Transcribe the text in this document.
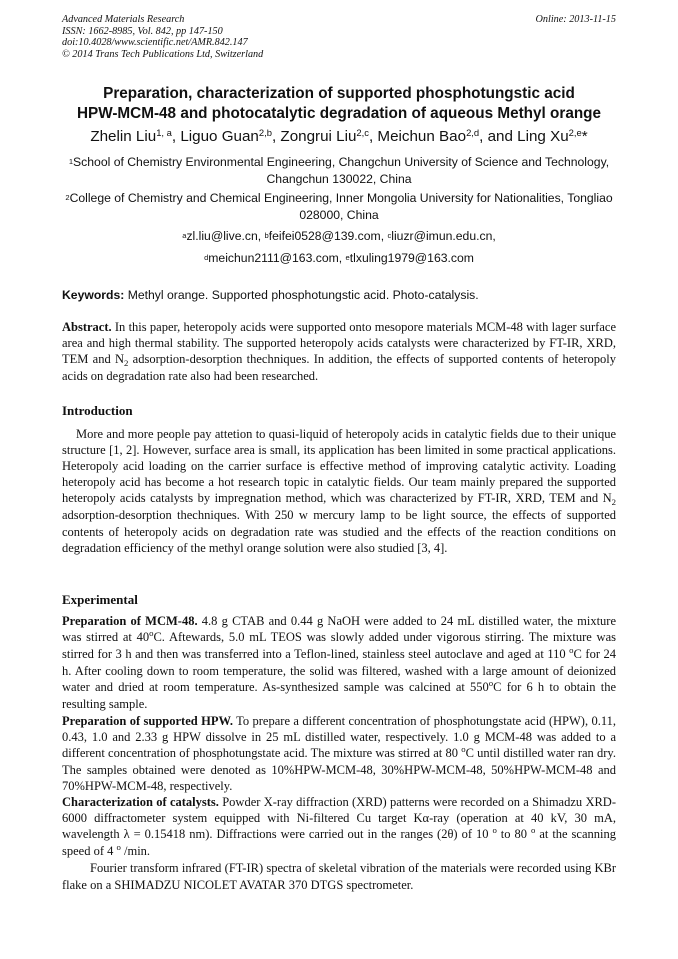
Advanced Materials Research
ISSN: 1662-8985, Vol. 842, pp 147-150
doi:10.4028/www.scientific.net/AMR.842.147
© 2014 Trans Tech Publications Ltd, Switzerland
Online: 2013-11-15
Preparation, characterization of supported phosphotungstic acid
HPW-MCM-48 and photocatalytic degradation of aqueous Methyl orange
Zhelin Liu$^{1, a}$, Liguo Guan$^{2,b}$, Zongrui Liu$^{2,c}$, Meichun Bao$^{2,d}$, and Ling Xu$^{2,e}$*
$^1$School of Chemistry Environmental Engineering, Changchun University of Science and Technology, Changchun 130022, China
$^2$College of Chemistry and Chemical Engineering, Inner Mongolia University for Nationalities, Tongliao 028000, China
$^a$zl.liu@live.cn, $^b$feifei0528@139.com, $^c$liuzr@imun.edu.cn,
$^d$meichun2111@163.com, $^e$tlxuling1979@163.com
Keywords: Methyl orange. Supported phosphotungstic acid. Photo-catalysis.
Abstract. In this paper, heteropoly acids were supported onto mesopore materials MCM-48 with lager surface area and high thermal stability. The supported heteropoly acids catalysts were characterized by FT-IR, XRD, TEM and $N_2$ adsorption-desorption thechniques. In addition, the effects of supported contents of heteropoly acids on degradation rate also had been researched.
Introduction
More and more people pay attetion to quasi-liquid of heteropoly acids in catalytic fields due to their unique structure [1, 2]. However, surface area is small, its application has been limited in some practical applications. Heteropoly acid loading on the carrier surface is effective method of improving catalytic activity. Loading heteropoly acid has become a hot research topic in catalytic fields. Our team mainly prepared the supported heteropoly acids catalysts by impregnation method, which was characterized by FT-IR, XRD, TEM and $N_2$ adsorption-desorption thechniques. With 250 w mercury lamp to be light source, the effects of supported contents of heteropoly acids on degradation rate was studied and the effects of the reaction conditions on degradation efficiency of the methyl orange solution were also studied [3, 4].
Experimental
Preparation of MCM-48. 4.8 g CTAB and 0.44 g NaOH were added to 24 mL distilled water, the mixture was stirred at 40$^o$C. Aftewards, 5.0 mL TEOS was slowly added under vigorous stirring. The mixture was stirred for 3 h and then was transferred into a Teflon-lined, stainless steel autoclave and aged at 110 $^o$C for 24 h. After cooling down to room temperature, the solid was filtered, washed with a large amount of deionized water and dried at room temperature. As-synthesized sample was calcined at 550$^o$C for 6 h to obtain the resulting sample.
Preparation of supported HPW. To prepare a different concentration of phosphotungstate acid (HPW), 0.11, 0.43, 1.0 and 2.33 g HPW dissolve in 25 mL distilled water, respectively. 1.0 g MCM-48 was added to a different concentration of phosphotungstate acid. The mixture was stirred at 80 $^o$C until distilled water ran dry. The samples obtained were denoted as 10%HPW-MCM-48, 30%HPW-MCM-48, 50%HPW-MCM-48 and 70%HPW-MCM-48, respectively.
Characterization of catalysts. Powder X-ray diffraction (XRD) patterns were recorded on a Shimadzu XRD-6000 diffractometer system equipped with Ni-filtered Cu target Kα-ray (operation at 40 kV, 30 mA, wavelength λ = 0.15418 nm). Diffractions were carried out in the ranges (2θ) of 10 $^o$ to 80 $^o$ at the scanning speed of 4 $^o$ /min.
Fourier transform infrared (FT-IR) spectra of skeletal vibration of the materials were recorded using KBr flake on a SHIMADZU NICOLET AVATAR 370 DTGS spectrometer.
